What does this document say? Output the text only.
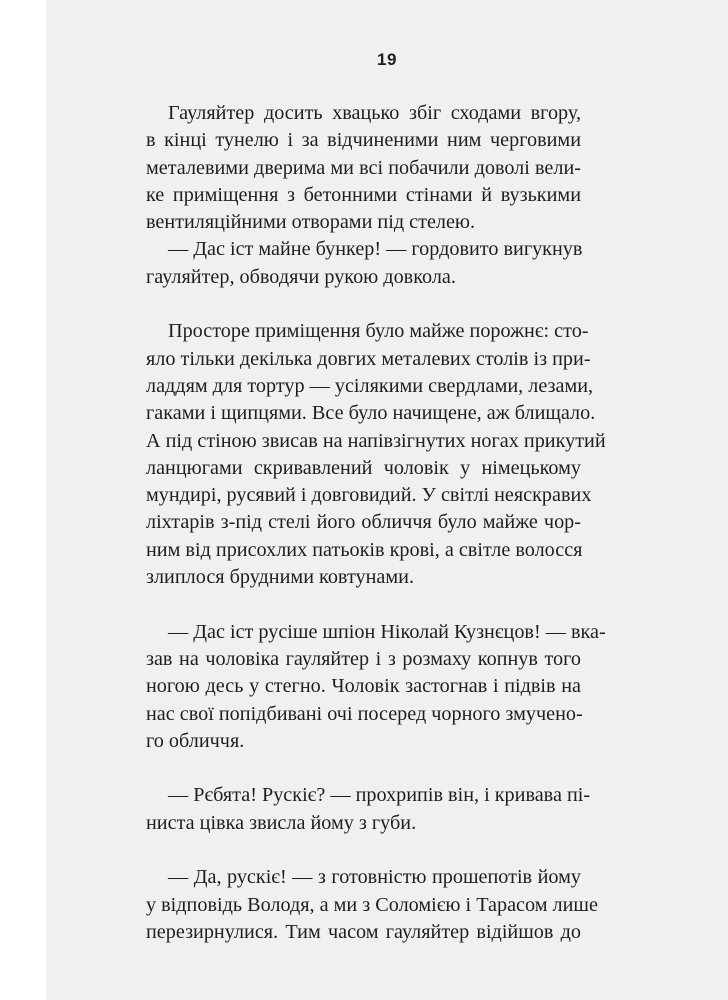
19

Гауляйтер досить хвацько збіг сходами вгору,
в кінці тунелю і за відчиненими ним черговими
металевими дверима ми всі побачили доволі вели-
ке приміщення з бетонними стінами й вузькими
вентиляційними отворами під стелею.
— Дас іст майне бункер! — гордовито вигукнув
гауляйтер, обводячи рукою довкола.

Просторе приміщення було майже порожнє: сто-
яло тільки декілька довгих металевих столів із при-
ладдям для тортур — усілякими свердлами, лезами,
гаками і щипцями. Все було начищене, аж блищало.
А під стіною звисав на напівзігнутих ногах прикутий
ланцюгами скривавлений чоловік у німецькому
мундирі, русявий і довговидий. У світлі неяскравих
ліхтарів з-під стелі його обличчя було майже чор-
ним від присохлих патьоків крові, а світле волосся
злиплося брудними ковтунами.

— Дас іст русіше шпіон Ніколай Кузнєцов! — вка-
зав на чоловіка гауляйтер і з розмаху копнув того
ногою десь у стегно. Чоловік застогнав і підвів на
нас свої попідбивані очі посеред чорного змучено-
го обличчя.

— Рєбята! Рускіє? — прохрипів він, і кривава пі-
ниста цівка звисла йому з губи.

— Да, рускіє! — з готовністю прошепотів йому
у відповідь Володя, а ми з Соломією і Тарасом лише
перезирнулися. Тим часом гауляйтер відійшов до
